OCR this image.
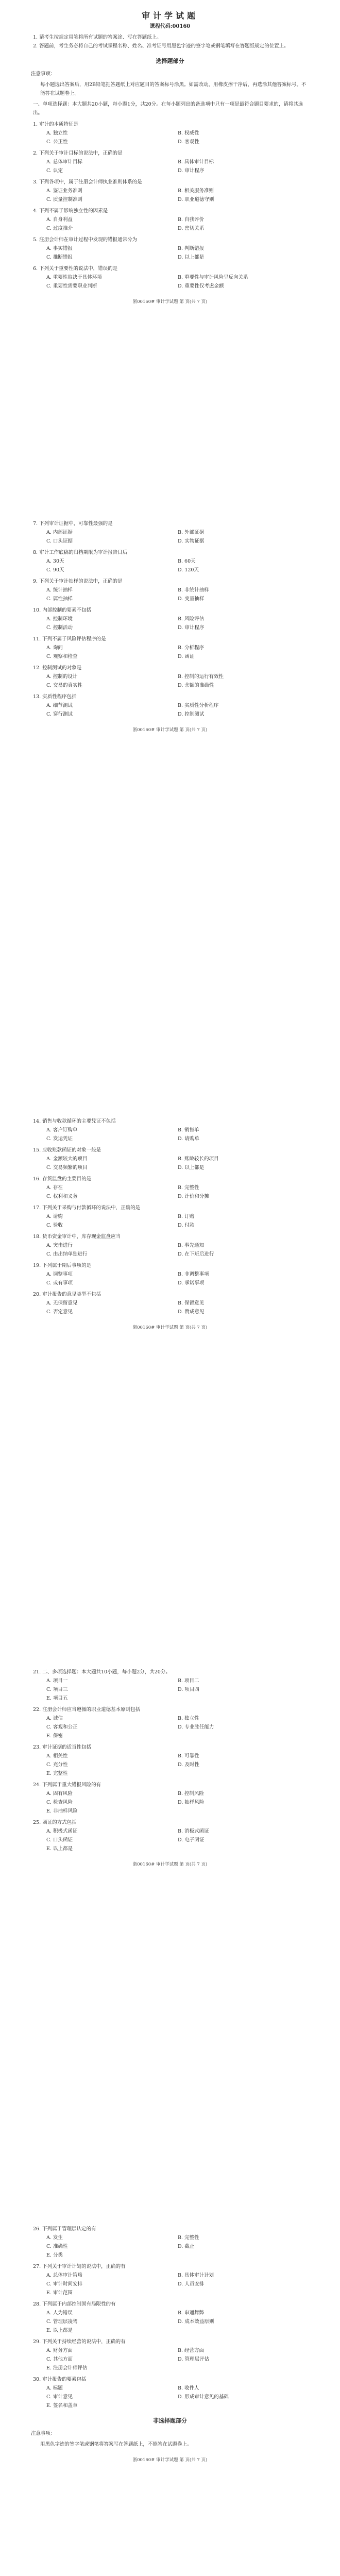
审计学试题
课程代码:00160
1. 请考生按规定用笔将所有试题的答案涂、写在答题纸上。
2. 答题前，考生务必将自己的考试课程名称、姓名、准考证号用黑色字迹的签字笔或钢笔填写在答题纸规定的位置上。
选择题部分
注意事项：
每小题选出答案后，用2B铅笔把答题纸上对应题目的答案标号涂黑。如需改动，用橡皮擦干净后，再选涂其他答案标号。不能答在试题卷上。
一、单项选择题：本大题共20小题，每小题1分，共20分。在每小题列出的备选项中只有一项是最符合题目要求的，请将其选出。
1. 审计的本质特征是
A. 独立性	B. 权威性
C. 公正性	D. 客观性
2. 下列关于审计目标的说法中，正确的是
A. 总体审计目标	B. 具体审计目标
C. 认定	D. 审计程序
3. 下列各项中，属于注册会计师执业准则体系的是
A. 鉴证业务准则	B. 相关服务准则
C. 质量控制准则	D. 职业道德守则
4. 下列不属于影响独立性的因素是
A. 自身利益	B. 自我评价
C. 过度推介	D. 密切关系
5. 注册会计师在审计过程中发现的错报通常分为
A. 事实错报	B. 判断错报
C. 推断错报	D. 以上都是
6. 下列关于重要性的说法中，错误的是
A. 重要性取决于具体环境	B. 重要性与审计风险呈反向关系
C. 重要性需要职业判断	D. 重要性仅考虑金额
浙00160# 审计学试题 第 页(共 7 页)
7. 下列审计证据中，可靠性最强的是
A. 内部证据	B. 外部证据
C. 口头证据	D. 实物证据
8. 审计工作底稿的归档期限为审计报告日后
A. 30天	B. 60天
C. 90天	D. 120天
9. 下列关于审计抽样的说法中，正确的是
A. 统计抽样	B. 非统计抽样
C. 属性抽样	D. 变量抽样
10. 内部控制的要素不包括
A. 控制环境	B. 风险评估
C. 控制活动	D. 审计程序
11. 下列不属于风险评估程序的是
A. 询问	B. 分析程序
C. 观察和检查	D. 函证
12. 控制测试的对象是
A. 控制的设计	B. 控制的运行有效性
C. 交易的真实性	D. 余额的准确性
13. 实质性程序包括
A. 细节测试	B. 实质性分析程序
C. 穿行测试	D. 控制测试
浙00160# 审计学试题 第 页(共 7 页)
14. 销售与收款循环的主要凭证不包括
A. 客户订购单	B. 销售单
C. 发运凭证	D. 请购单
15. 应收账款函证的对象一般是
A. 金额较大的项目	B. 账龄较长的项目
C. 交易频繁的项目	D. 以上都是
16. 存货监盘的主要目的是
A. 存在	B. 完整性
C. 权利和义务	D. 计价和分摊
17. 下列关于采购与付款循环的说法中，正确的是
A. 请购	B. 订购
C. 验收	D. 付款
18. 货币资金审计中，库存现金监盘应当
A. 突击进行	B. 事先通知
C. 由出纳单独进行	D. 在下班后进行
19. 下列属于期后事项的是
A. 调整事项	B. 非调整事项
C. 或有事项	D. 承诺事项
20. 审计报告的意见类型不包括
A. 无保留意见	B. 保留意见
C. 否定意见	D. 赞成意见
浙00160# 审计学试题 第 页(共 7 页)
21. 二、多项选择题：本大题共10小题，每小题2分，共20分。
A. 项目一	B. 项目二
C. 项目三	D. 项目四
E. 项目五
22. 注册会计师应当遵循的职业道德基本原则包括
A. 诚信	B. 独立性
C. 客观和公正	D. 专业胜任能力
E. 保密
23. 审计证据的适当性包括
A. 相关性	B. 可靠性
C. 充分性	D. 及时性
E. 完整性
24. 下列属于重大错报风险的有
A. 固有风险	B. 控制风险
C. 检查风险	D. 抽样风险
E. 非抽样风险
25. 函证的方式包括
A. 积极式函证	B. 消极式函证
C. 口头函证	D. 电子函证
E. 以上都是
浙00160# 审计学试题 第 页(共 7 页)
26. 下列属于管理层认定的有
A. 发生	B. 完整性
C. 准确性	D. 截止
E. 分类
27. 下列关于审计计划的说法中，正确的有
A. 总体审计策略	B. 具体审计计划
C. 审计时间安排	D. 人员安排
E. 审计范围
28. 下列属于内部控制固有局限性的有
A. 人为错误	B. 串通舞弊
C. 管理层凌驾	D. 成本效益原则
E. 以上都是
29. 下列关于持续经营的说法中，正确的有
A. 财务方面	B. 经营方面
C. 其他方面	D. 管理层评估
E. 注册会计师评估
30. 审计报告的要素包括
A. 标题	B. 收件人
C. 审计意见	D. 形成审计意见的基础
E. 签名和盖章
非选择题部分
注意事项：
用黑色字迹的签字笔或钢笔将答案写在答题纸上，不能答在试题卷上。
浙00160# 审计学试题 第 页(共 7 页)
